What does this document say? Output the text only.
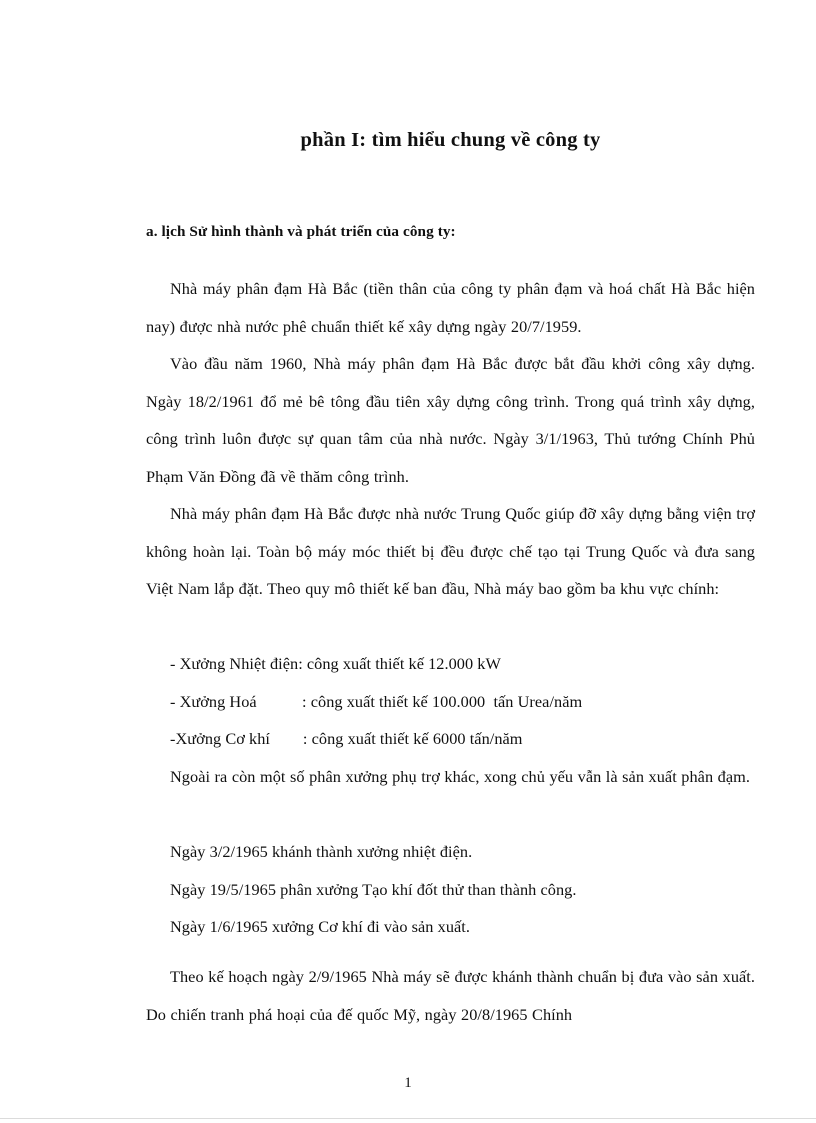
phần I: tìm hiểu chung về công ty
a. lịch Sử hình thành và phát triển của công ty:

Nhà máy phân đạm Hà Bắc (tiền thân của công ty phân đạm và hoá chất Hà Bắc hiện nay) được nhà nước phê chuẩn thiết kế xây dựng ngày 20/7/1959.

Vào đầu năm 1960, Nhà máy phân đạm Hà Bắc được bắt đầu khởi công xây dựng. Ngày 18/2/1961 đổ mẻ bê tông đầu tiên xây dựng công trình. Trong quá trình xây dựng, công trình luôn được sự quan tâm của nhà nước. Ngày 3/1/1963, Thủ tướng Chính Phủ Phạm Văn Đồng đã về thăm công trình.

Nhà máy phân đạm Hà Bắc được nhà nước Trung Quốc giúp đỡ xây dựng bằng viện trợ không hoàn lại. Toàn bộ máy móc thiết bị đều được chế tạo tại Trung Quốc và đưa sang Việt Nam lắp đặt. Theo quy mô thiết kế ban đầu, Nhà máy bao gồm ba khu vực chính:

- Xưởng Nhiệt điện: công xuất thiết kế 12.000 kW
- Xưởng Hoá           : công xuất thiết kế 100.000  tấn Urea/năm
-Xưởng Cơ khí        : công xuất thiết kế 6000 tấn/năm

Ngoài ra còn một số phân xưởng phụ trợ khác, xong chủ yếu vẫn là sản xuất phân đạm.

Ngày 3/2/1965 khánh thành xưởng nhiệt điện.
Ngày 19/5/1965 phân xưởng Tạo khí đốt thử than thành công.
Ngày 1/6/1965 xưởng Cơ khí đi vào sản xuất.

Theo kế hoạch ngày 2/9/1965 Nhà máy sẽ được khánh thành chuẩn bị đưa vào sản xuất. Do chiến tranh phá hoại của đế quốc Mỹ, ngày 20/8/1965 Chính

1
